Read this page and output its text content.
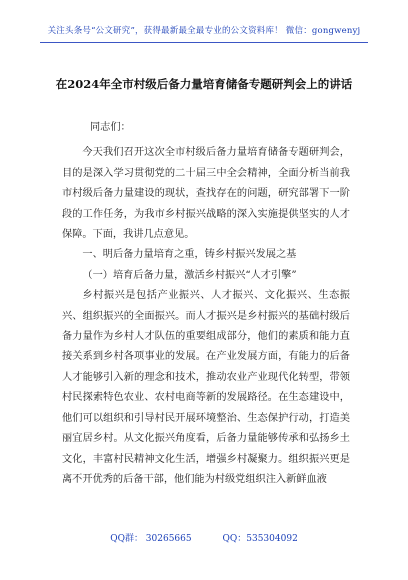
关注头条号“公文研究”，获得最新最全最专业的公文资料库！ 微信：gongwenyj
在2024年全市村级后备力量培育储备专题研判会上的讲话

同志们：

今天我们召开这次全市村级后备力量培育储备专题研判会，目的是深入学习贯彻党的二十届三中全会精神，全面分析当前我市村级后备力量建设的现状，查找存在的问题，研究部署下一阶段的工作任务，为我市乡村振兴战略的深入实施提供坚实的人才保障。下面，我讲几点意见。

一、明后备力量培育之重，铸乡村振兴发展之基

（一）培育后备力量，激活乡村振兴“人才引擎”

乡村振兴是包括产业振兴、人才振兴、文化振兴、生态振兴、组织振兴的全面振兴。而人才振兴是乡村振兴的基础村级后备力量作为乡村人才队伍的重要组成部分，他们的素质和能力直接关系到乡村各项事业的发展。在产业发展方面，有能力的后备人才能够引入新的理念和技术，推动农业产业现代化转型，带领村民探索特色农业、农村电商等新的发展路径。在生态建设中，他们可以组织和引导村民开展环境整治、生态保护行动，打造美丽宜居乡村。从文化振兴角度看，后备力量能够传承和弘扬乡土文化，丰富村民精神文化生活，增强乡村凝聚力。组织振兴更是离不开优秀的后备干部，他们能为村级党组织注入新鲜血液

QQ群： 30265665	QQ：535304092
